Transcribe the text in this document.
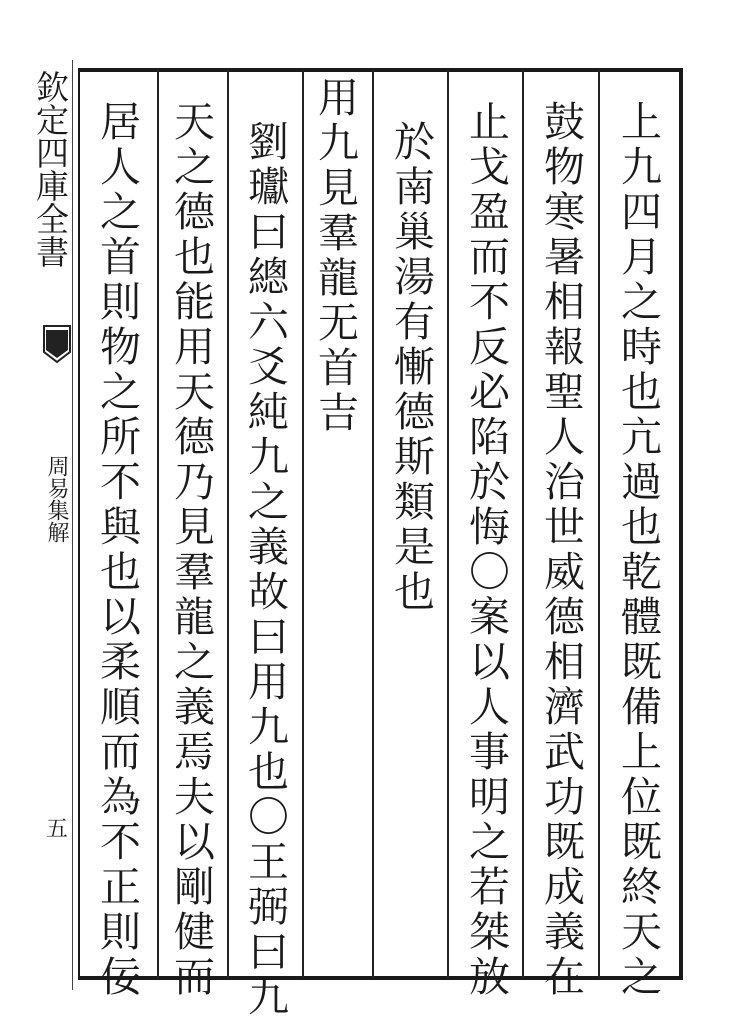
欽定四庫全書
周易集解
五	上九四月之時也亢過也乾體既備上位既終天之
鼓物寒暑相報聖人治世威德相濟武功既成義在
止戈盈而不反必陷於悔〇案以人事明之若桀放
於南巢湯有慚德斯類是也
用九見羣龍无首吉
劉瓛曰總六爻純九之義故曰用九也〇王弼曰九
天之德也能用天德乃見羣龍之義焉夫以剛健而
居人之首則物之所不與也以柔順而為不正則佞
